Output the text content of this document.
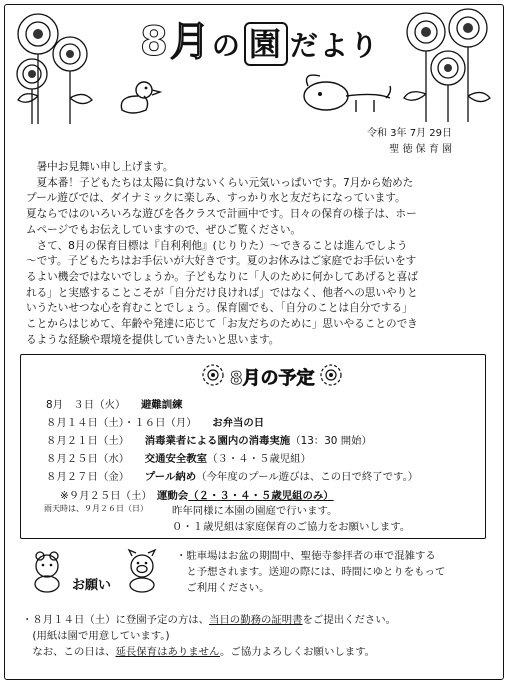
8月の 園 だより
令和 3年 7月 29日
聖 徳 保 育 園

暑中お見舞い申し上げます。

夏本番！子どもたちは太陽に負けないくらい元気いっぱいです。7月から始めた

プール遊びでは、ダイナミックに楽しみ、すっかり水と友だちになっています。

夏ならではのいろいろな遊びを各クラスで計画中です。日々の保育の様子は、ホー

ムページでもお伝えしていますので、ぜひご覧ください。

さて、8月の保育目標は『自利利他』(じりりた）～できることは進んでしよう

～です。子どもたちはお手伝いが大好きです。夏のお休みはご家庭でお手伝いをす

るよい機会ではないでしょうか。子どもなりに「人のために何かしてあげると喜ば

れる」と実感することこそが「自分だけ良ければ」ではなく、他者への思いやりと

いうたいせつな心を育むことでしょう。保育園でも、「自分のことは自分でする」

ことからはじめて、年齢や発達に応じて「お友だちのために」思いやることのでき

るような経験や環境を提供していきたいと思います。

8月の予定
8月　３日（火）　　 避難訓練
８月１４日（土）・１６日（月）　　 お弁当の日
８月２１日（土）　　 消毒業者による園内の消毒実施（13：30 開始）
８月２５日（水）　　 交通安全教室（３・４・５歳児組）
８月２７日（金）　　 プール納め（今年度のプール遊びは、この日で終了です。）
※９月２５日（土）　 運動会（２・３・４・５歳児組のみ）
雨天時は、９月２６日（日） 昨年同様に本園の園庭で行います。
０・１歳児組は家庭保育のご協力をお願いします。
お願い
・駐車場はお盆の期間中、聖徳寺参拝者の車で混雑する
　と予想されます。送迎の際には、時間にゆとりをもって
　ご利用ください。
・８月１４日（土）に登園予定の方は、当日の勤務の証明書をご提出ください。
　(用紙は園で用意しています。)
　なお、この日は、延長保育はありません。ご協力よろしくお願いします。
